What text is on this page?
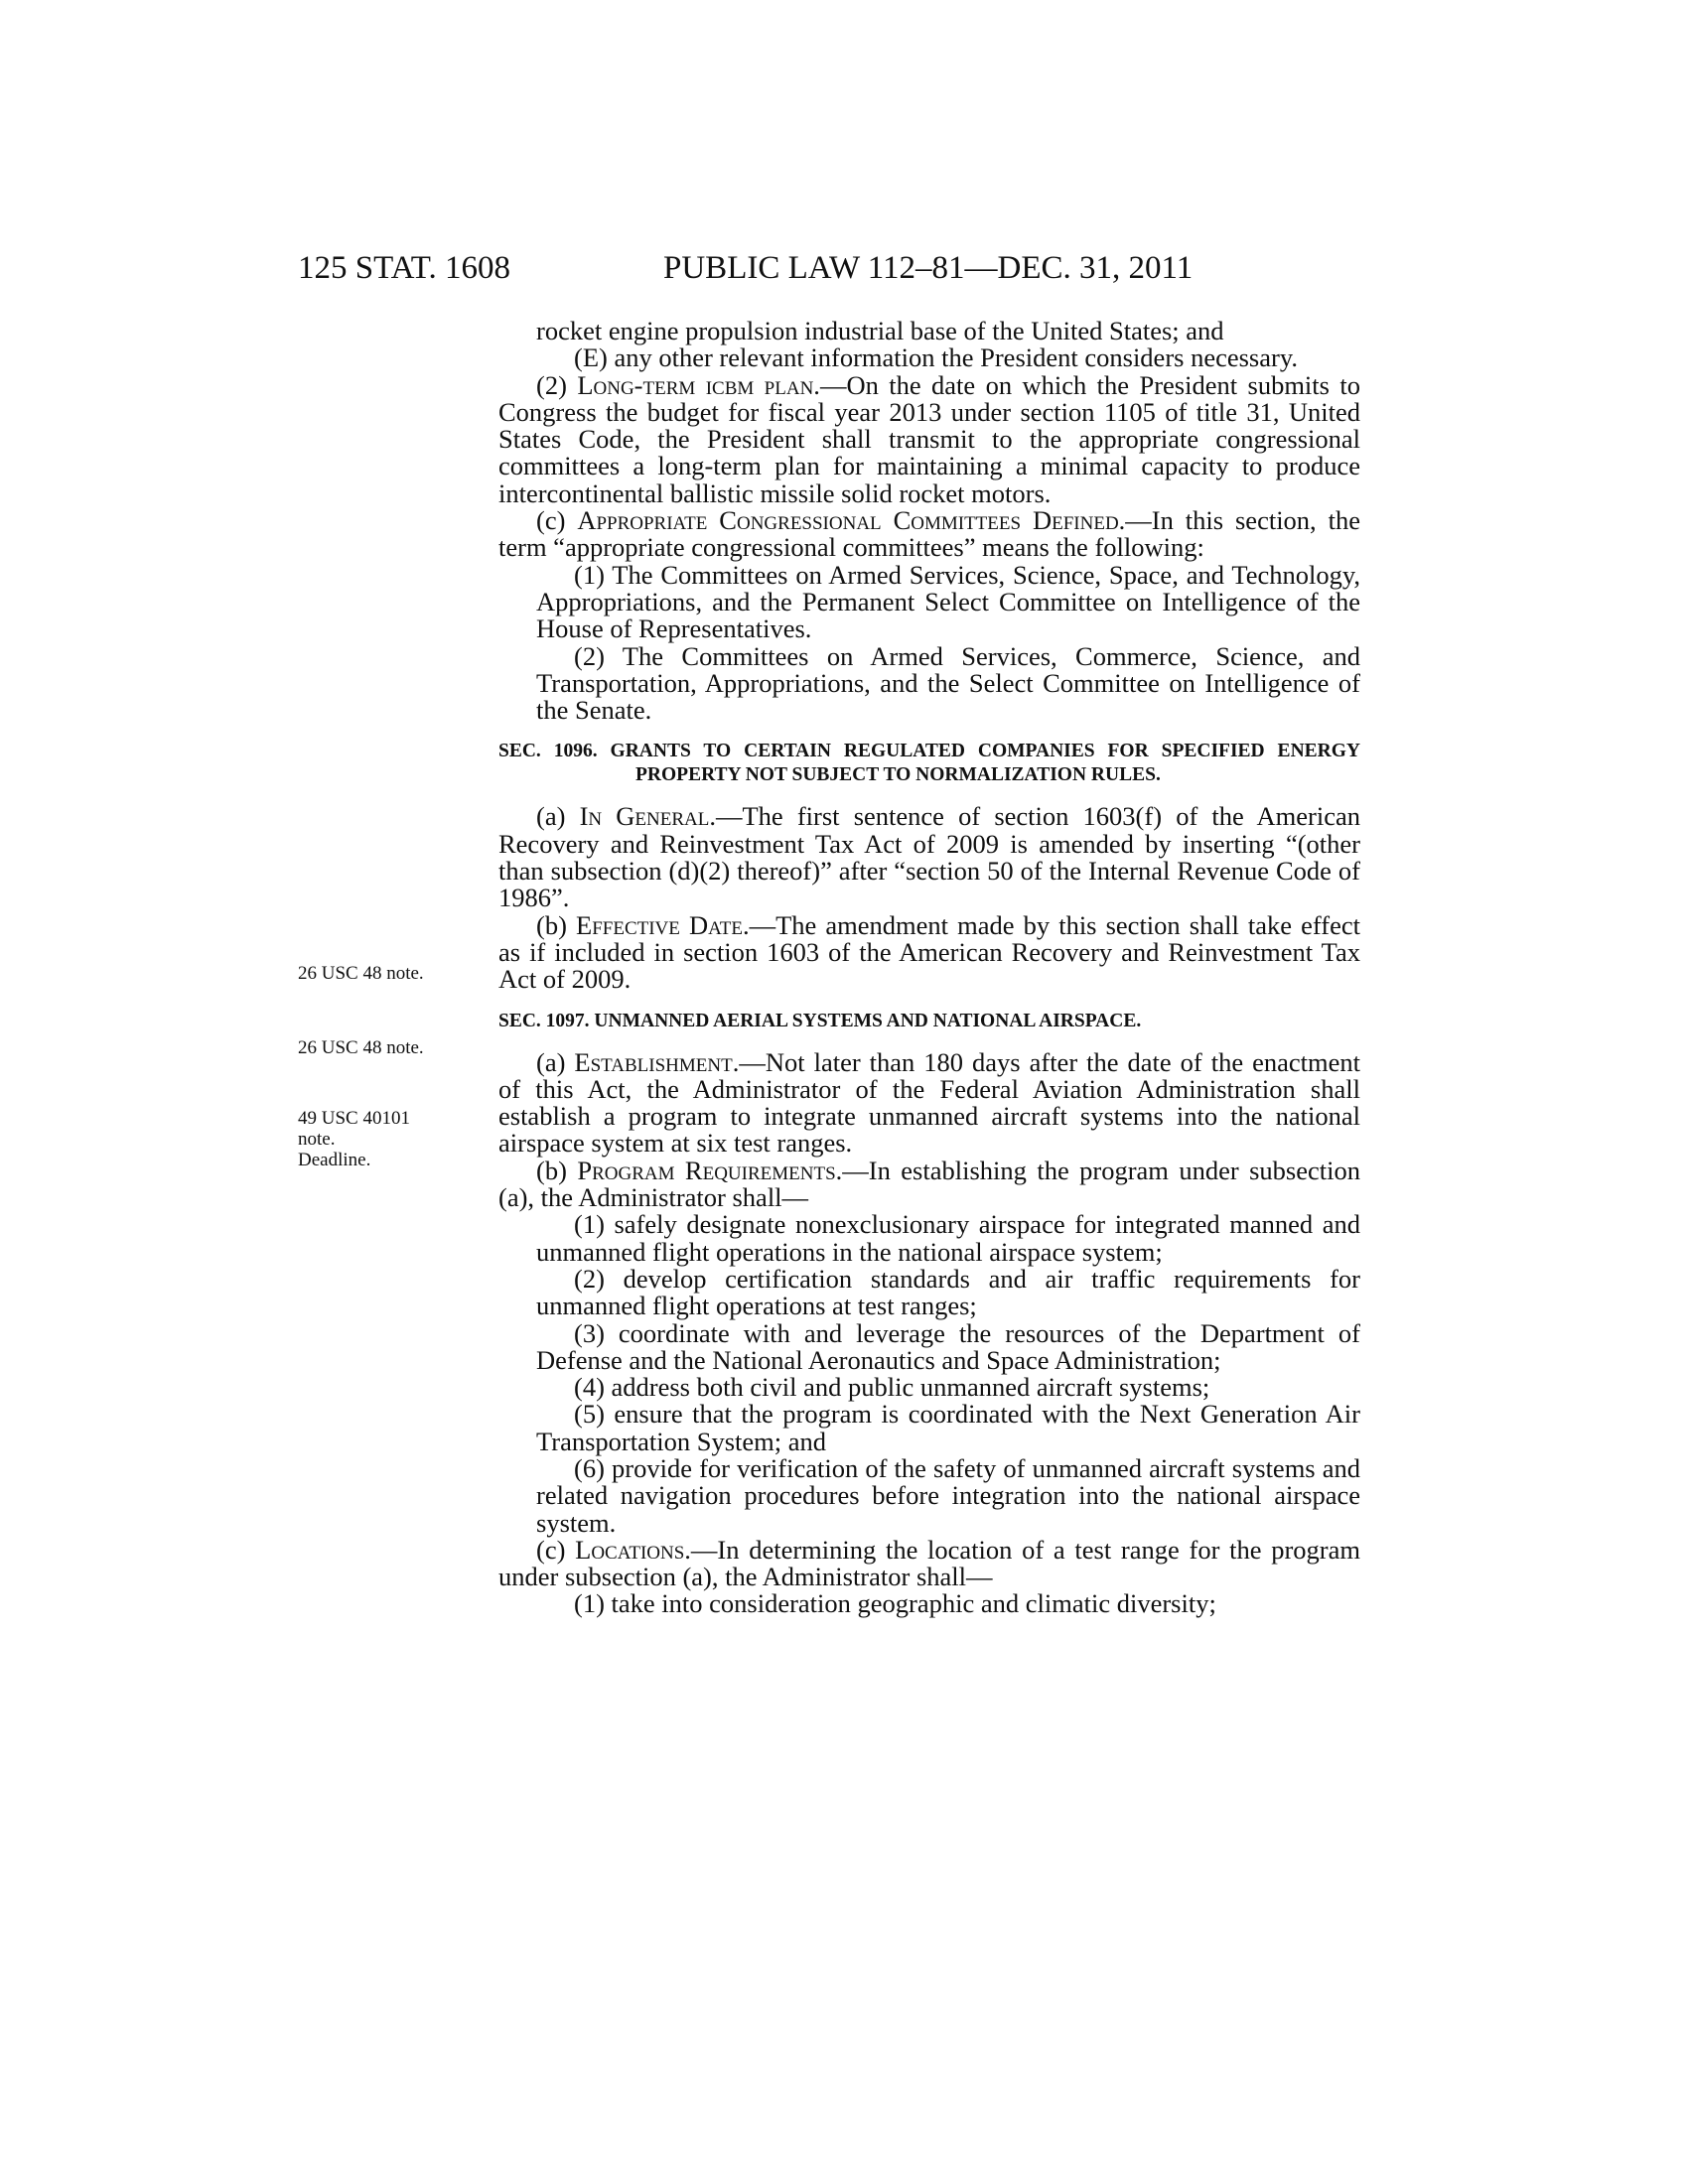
125 STAT. 1608	PUBLIC LAW 112–81—DEC. 31, 2011
26 USC 48 note.
26 USC 48 note.
49 USC 40101
note.
Deadline.

rocket engine propulsion industrial base of the United States; and

(E) any other relevant information the President considers necessary.

(2) Long-term icbm plan.—On the date on which the President submits to Congress the budget for fiscal year 2013 under section 1105 of title 31, United States Code, the President shall transmit to the appropriate congressional committees a long-term plan for maintaining a minimal capacity to produce intercontinental ballistic missile solid rocket motors.

(c) Appropriate Congressional Committees Defined.—In this section, the term “appropriate congressional committees” means the following:

(1) The Committees on Armed Services, Science, Space, and Technology, Appropriations, and the Permanent Select Committee on Intelligence of the House of Representatives.

(2) The Committees on Armed Services, Commerce, Science, and Transportation, Appropriations, and the Select Committee on Intelligence of the Senate.

SEC. 1096. GRANTS TO CERTAIN REGULATED COMPANIES FOR SPECIFIED ENERGY PROPERTY NOT SUBJECT TO NORMALIZATION RULES.

(a) In General.—The first sentence of section 1603(f) of the American Recovery and Reinvestment Tax Act of 2009 is amended by inserting “(other than subsection (d)(2) thereof)” after “section 50 of the Internal Revenue Code of 1986”.

(b) Effective Date.—The amendment made by this section shall take effect as if included in section 1603 of the American Recovery and Reinvestment Tax Act of 2009.

SEC. 1097. UNMANNED AERIAL SYSTEMS AND NATIONAL AIRSPACE.

(a) Establishment.—Not later than 180 days after the date of the enactment of this Act, the Administrator of the Federal Aviation Administration shall establish a program to integrate unmanned aircraft systems into the national airspace system at six test ranges.

(b) Program Requirements.—In establishing the program under subsection (a), the Administrator shall—

(1) safely designate nonexclusionary airspace for integrated manned and unmanned flight operations in the national airspace system;

(2) develop certification standards and air traffic requirements for unmanned flight operations at test ranges;

(3) coordinate with and leverage the resources of the Department of Defense and the National Aeronautics and Space Administration;

(4) address both civil and public unmanned aircraft systems;

(5) ensure that the program is coordinated with the Next Generation Air Transportation System; and

(6) provide for verification of the safety of unmanned aircraft systems and related navigation procedures before integration into the national airspace system.

(c) Locations.—In determining the location of a test range for the program under subsection (a), the Administrator shall—

(1) take into consideration geographic and climatic diversity;
